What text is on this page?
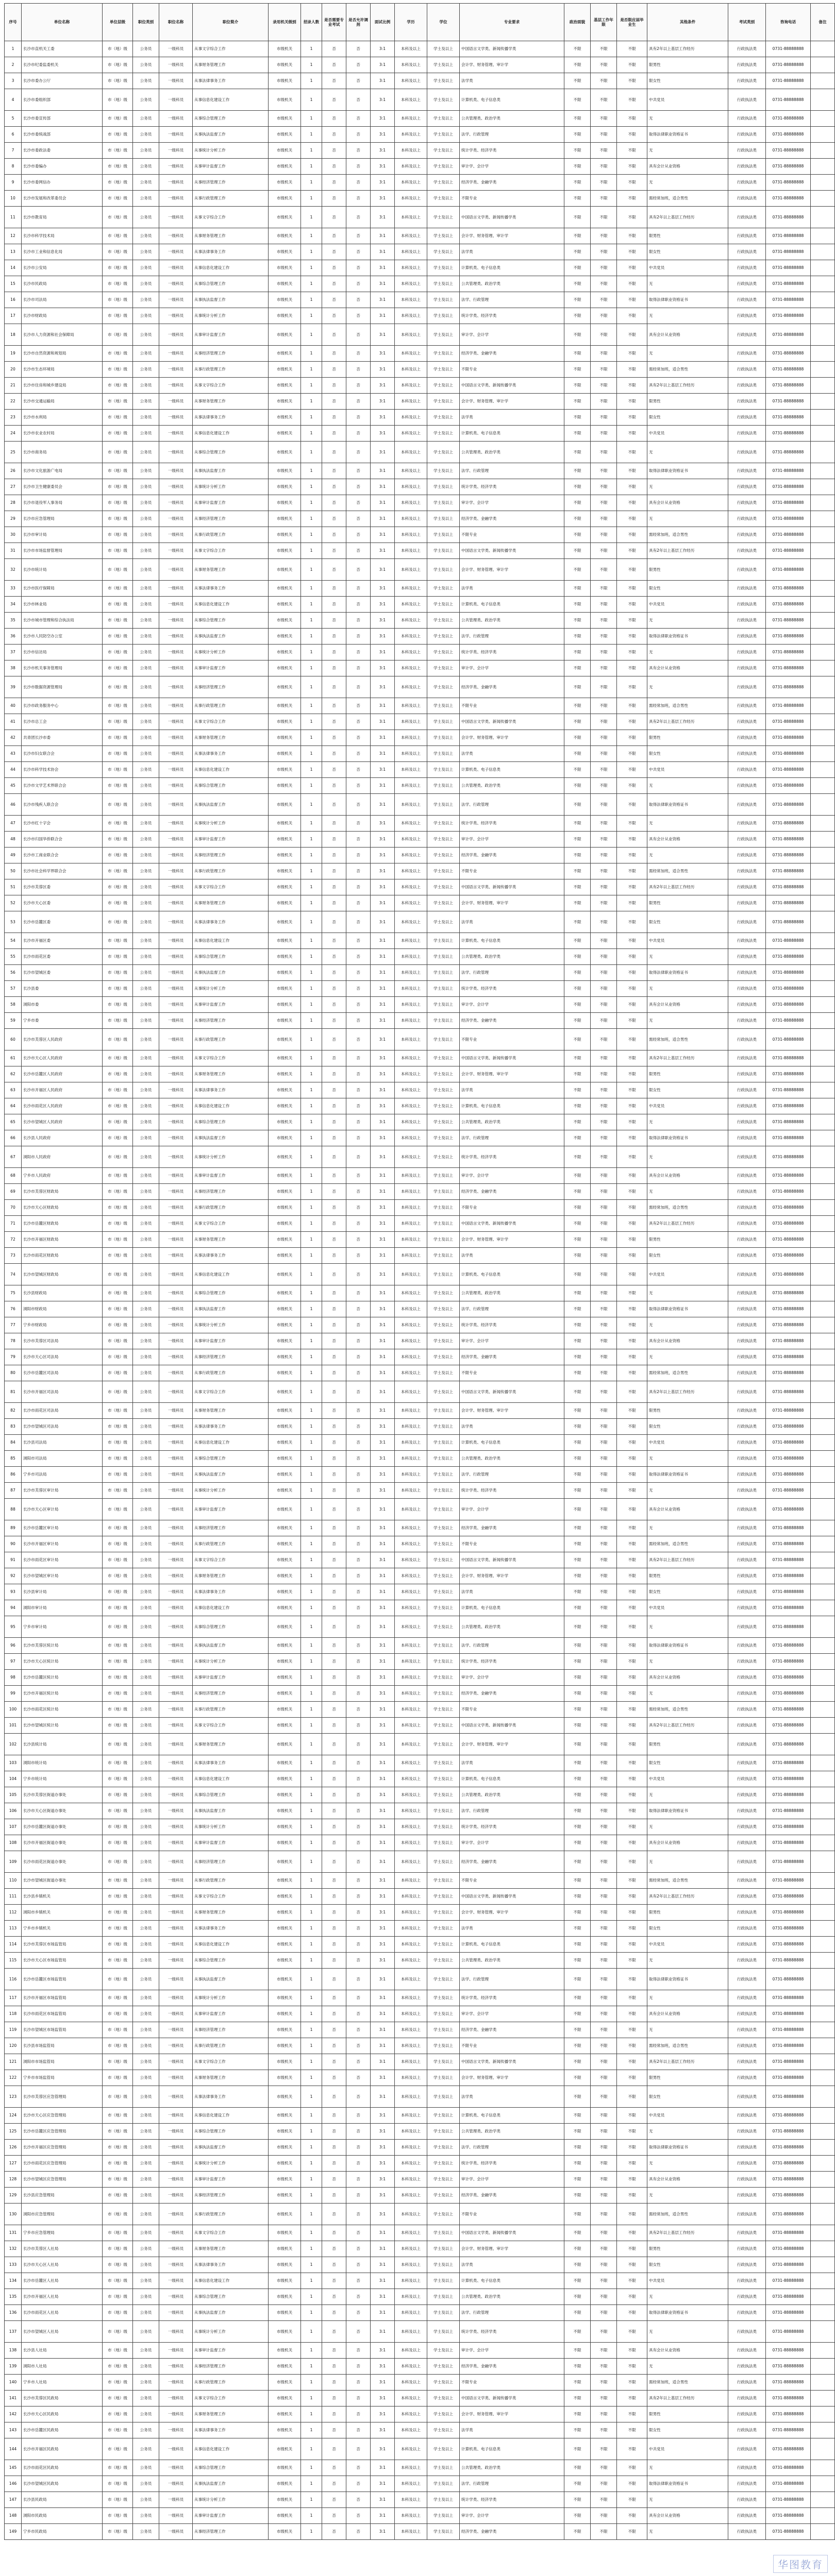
序号	单位名称	单位层级	职位类别	职位名称	职位简介	录用机关级别	招录人数	是否需要专业考试	是否允许调剂	面试比例	学历	学位	专业要求	政治面貌	基层工作年限	是否限应届毕业生	其他条件	考试类别	咨询电话	备注
1	长沙市直机关工委	市（地）级	公务员	一级科员	从事文字综合工作	市级机关	1	否	否	3:1	本科及以上	学士及以上	中国语言文学类、新闻传播学类	不限	不限	不限	具有2年以上基层工作经历	行政执法类	0731-88888888	
2	长沙市纪委监委机关	市（地）级	公务员	一级科员	从事财务管理工作	市级机关	1	否	否	3:1	本科及以上	学士及以上	会计学、财务管理、审计学	不限	不限	不限	限男性	行政执法类	0731-88888888	
3	长沙市委办公厅	市（地）级	公务员	一级科员	从事法律事务工作	市级机关	1	否	否	3:1	本科及以上	学士及以上	法学类	不限	不限	不限	限女性	行政执法类	0731-88888888	
4	长沙市委组织部	市（地）级	公务员	一级科员	从事信息化建设工作	市级机关	1	否	否	3:1	本科及以上	学士及以上	计算机类、电子信息类	不限	不限	不限	中共党员	行政执法类	0731-88888888	
5	长沙市委宣传部	市（地）级	公务员	一级科员	从事综合管理工作	市级机关	1	否	否	3:1	本科及以上	学士及以上	公共管理类、政治学类	不限	不限	不限	无	行政执法类	0731-88888888	
6	长沙市委统战部	市（地）级	公务员	一级科员	从事执法监督工作	市级机关	1	否	否	3:1	本科及以上	学士及以上	法学、行政管理	不限	不限	不限	取得法律职业资格证书	行政执法类	0731-88888888	
7	长沙市委政法委	市（地）级	公务员	一级科员	从事统计分析工作	市级机关	1	否	否	3:1	本科及以上	学士及以上	统计学类、经济学类	不限	不限	不限	无	行政执法类	0731-88888888	
8	长沙市委编办	市（地）级	公务员	一级科员	从事审计监督工作	市级机关	1	否	否	3:1	本科及以上	学士及以上	审计学、会计学	不限	不限	不限	具有会计从业资格	行政执法类	0731-88888888	
9	长沙市委网信办	市（地）级	公务员	一级科员	从事经济管理工作	市级机关	1	否	否	3:1	本科及以上	学士及以上	经济学类、金融学类	不限	不限	不限	无	行政执法类	0731-88888888	
10	长沙市发展和改革委员会	市（地）级	公务员	一级科员	从事行政管理工作	市级机关	1	否	否	3:1	本科及以上	学士及以上	不限专业	不限	不限	不限	需经常加班，适合男性	行政执法类	0731-88888888	
11	长沙市教育局	市（地）级	公务员	一级科员	从事文字综合工作	市级机关	1	否	否	3:1	本科及以上	学士及以上	中国语言文学类、新闻传播学类	不限	不限	不限	具有2年以上基层工作经历	行政执法类	0731-88888888	
12	长沙市科学技术局	市（地）级	公务员	一级科员	从事财务管理工作	市级机关	1	否	否	3:1	本科及以上	学士及以上	会计学、财务管理、审计学	不限	不限	不限	限男性	行政执法类	0731-88888888	
13	长沙市工业和信息化局	市（地）级	公务员	一级科员	从事法律事务工作	市级机关	1	否	否	3:1	本科及以上	学士及以上	法学类	不限	不限	不限	限女性	行政执法类	0731-88888888	
14	长沙市公安局	市（地）级	公务员	一级科员	从事信息化建设工作	市级机关	1	否	否	3:1	本科及以上	学士及以上	计算机类、电子信息类	不限	不限	不限	中共党员	行政执法类	0731-88888888	
15	长沙市民政局	市（地）级	公务员	一级科员	从事综合管理工作	市级机关	1	否	否	3:1	本科及以上	学士及以上	公共管理类、政治学类	不限	不限	不限	无	行政执法类	0731-88888888	
16	长沙市司法局	市（地）级	公务员	一级科员	从事执法监督工作	市级机关	1	否	否	3:1	本科及以上	学士及以上	法学、行政管理	不限	不限	不限	取得法律职业资格证书	行政执法类	0731-88888888	
17	长沙市财政局	市（地）级	公务员	一级科员	从事统计分析工作	市级机关	1	否	否	3:1	本科及以上	学士及以上	统计学类、经济学类	不限	不限	不限	无	行政执法类	0731-88888888	
18	长沙市人力资源和社会保障局	市（地）级	公务员	一级科员	从事审计监督工作	市级机关	1	否	否	3:1	本科及以上	学士及以上	审计学、会计学	不限	不限	不限	具有会计从业资格	行政执法类	0731-88888888	
19	长沙市自然资源和规划局	市（地）级	公务员	一级科员	从事经济管理工作	市级机关	1	否	否	3:1	本科及以上	学士及以上	经济学类、金融学类	不限	不限	不限	无	行政执法类	0731-88888888	
20	长沙市生态环境局	市（地）级	公务员	一级科员	从事行政管理工作	市级机关	1	否	否	3:1	本科及以上	学士及以上	不限专业	不限	不限	不限	需经常加班，适合男性	行政执法类	0731-88888888	
21	长沙市住房和城乡建设局	市（地）级	公务员	一级科员	从事文字综合工作	市级机关	1	否	否	3:1	本科及以上	学士及以上	中国语言文学类、新闻传播学类	不限	不限	不限	具有2年以上基层工作经历	行政执法类	0731-88888888	
22	长沙市交通运输局	市（地）级	公务员	一级科员	从事财务管理工作	市级机关	1	否	否	3:1	本科及以上	学士及以上	会计学、财务管理、审计学	不限	不限	不限	限男性	行政执法类	0731-88888888	
23	长沙市水利局	市（地）级	公务员	一级科员	从事法律事务工作	市级机关	1	否	否	3:1	本科及以上	学士及以上	法学类	不限	不限	不限	限女性	行政执法类	0731-88888888	
24	长沙市农业农村局	市（地）级	公务员	一级科员	从事信息化建设工作	市级机关	1	否	否	3:1	本科及以上	学士及以上	计算机类、电子信息类	不限	不限	不限	中共党员	行政执法类	0731-88888888	
25	长沙市商务局	市（地）级	公务员	一级科员	从事综合管理工作	市级机关	1	否	否	3:1	本科及以上	学士及以上	公共管理类、政治学类	不限	不限	不限	无	行政执法类	0731-88888888	
26	长沙市文化旅游广电局	市（地）级	公务员	一级科员	从事执法监督工作	市级机关	1	否	否	3:1	本科及以上	学士及以上	法学、行政管理	不限	不限	不限	取得法律职业资格证书	行政执法类	0731-88888888	
27	长沙市卫生健康委员会	市（地）级	公务员	一级科员	从事统计分析工作	市级机关	1	否	否	3:1	本科及以上	学士及以上	统计学类、经济学类	不限	不限	不限	无	行政执法类	0731-88888888	
28	长沙市退役军人事务局	市（地）级	公务员	一级科员	从事审计监督工作	市级机关	1	否	否	3:1	本科及以上	学士及以上	审计学、会计学	不限	不限	不限	具有会计从业资格	行政执法类	0731-88888888	
29	长沙市应急管理局	市（地）级	公务员	一级科员	从事经济管理工作	市级机关	1	否	否	3:1	本科及以上	学士及以上	经济学类、金融学类	不限	不限	不限	无	行政执法类	0731-88888888	
30	长沙市审计局	市（地）级	公务员	一级科员	从事行政管理工作	市级机关	1	否	否	3:1	本科及以上	学士及以上	不限专业	不限	不限	不限	需经常加班，适合男性	行政执法类	0731-88888888	
31	长沙市市场监督管理局	市（地）级	公务员	一级科员	从事文字综合工作	市级机关	1	否	否	3:1	本科及以上	学士及以上	中国语言文学类、新闻传播学类	不限	不限	不限	具有2年以上基层工作经历	行政执法类	0731-88888888	
32	长沙市统计局	市（地）级	公务员	一级科员	从事财务管理工作	市级机关	1	否	否	3:1	本科及以上	学士及以上	会计学、财务管理、审计学	不限	不限	不限	限男性	行政执法类	0731-88888888	
33	长沙市医疗保障局	市（地）级	公务员	一级科员	从事法律事务工作	市级机关	1	否	否	3:1	本科及以上	学士及以上	法学类	不限	不限	不限	限女性	行政执法类	0731-88888888	
34	长沙市林业局	市（地）级	公务员	一级科员	从事信息化建设工作	市级机关	1	否	否	3:1	本科及以上	学士及以上	计算机类、电子信息类	不限	不限	不限	中共党员	行政执法类	0731-88888888	
35	长沙市城市管理和综合执法局	市（地）级	公务员	一级科员	从事综合管理工作	市级机关	1	否	否	3:1	本科及以上	学士及以上	公共管理类、政治学类	不限	不限	不限	无	行政执法类	0731-88888888	
36	长沙市人民防空办公室	市（地）级	公务员	一级科员	从事执法监督工作	市级机关	1	否	否	3:1	本科及以上	学士及以上	法学、行政管理	不限	不限	不限	取得法律职业资格证书	行政执法类	0731-88888888	
37	长沙市信访局	市（地）级	公务员	一级科员	从事统计分析工作	市级机关	1	否	否	3:1	本科及以上	学士及以上	统计学类、经济学类	不限	不限	不限	无	行政执法类	0731-88888888	
38	长沙市机关事务管理局	市（地）级	公务员	一级科员	从事审计监督工作	市级机关	1	否	否	3:1	本科及以上	学士及以上	审计学、会计学	不限	不限	不限	具有会计从业资格	行政执法类	0731-88888888	
39	长沙市数据资源管理局	市（地）级	公务员	一级科员	从事经济管理工作	市级机关	1	否	否	3:1	本科及以上	学士及以上	经济学类、金融学类	不限	不限	不限	无	行政执法类	0731-88888888	
40	长沙市政务服务中心	市（地）级	公务员	一级科员	从事行政管理工作	市级机关	1	否	否	3:1	本科及以上	学士及以上	不限专业	不限	不限	不限	需经常加班，适合男性	行政执法类	0731-88888888	
41	长沙市总工会	市（地）级	公务员	一级科员	从事文字综合工作	市级机关	1	否	否	3:1	本科及以上	学士及以上	中国语言文学类、新闻传播学类	不限	不限	不限	具有2年以上基层工作经历	行政执法类	0731-88888888	
42	共青团长沙市委	市（地）级	公务员	一级科员	从事财务管理工作	市级机关	1	否	否	3:1	本科及以上	学士及以上	会计学、财务管理、审计学	不限	不限	不限	限男性	行政执法类	0731-88888888	
43	长沙市妇女联合会	市（地）级	公务员	一级科员	从事法律事务工作	市级机关	1	否	否	3:1	本科及以上	学士及以上	法学类	不限	不限	不限	限女性	行政执法类	0731-88888888	
44	长沙市科学技术协会	市（地）级	公务员	一级科员	从事信息化建设工作	市级机关	1	否	否	3:1	本科及以上	学士及以上	计算机类、电子信息类	不限	不限	不限	中共党员	行政执法类	0731-88888888	
45	长沙市文学艺术界联合会	市（地）级	公务员	一级科员	从事综合管理工作	市级机关	1	否	否	3:1	本科及以上	学士及以上	公共管理类、政治学类	不限	不限	不限	无	行政执法类	0731-88888888	
46	长沙市残疾人联合会	市（地）级	公务员	一级科员	从事执法监督工作	市级机关	1	否	否	3:1	本科及以上	学士及以上	法学、行政管理	不限	不限	不限	取得法律职业资格证书	行政执法类	0731-88888888	
47	长沙市红十字会	市（地）级	公务员	一级科员	从事统计分析工作	市级机关	1	否	否	3:1	本科及以上	学士及以上	统计学类、经济学类	不限	不限	不限	无	行政执法类	0731-88888888	
48	长沙市归国华侨联合会	市（地）级	公务员	一级科员	从事审计监督工作	市级机关	1	否	否	3:1	本科及以上	学士及以上	审计学、会计学	不限	不限	不限	具有会计从业资格	行政执法类	0731-88888888	
49	长沙市工商业联合会	市（地）级	公务员	一级科员	从事经济管理工作	市级机关	1	否	否	3:1	本科及以上	学士及以上	经济学类、金融学类	不限	不限	不限	无	行政执法类	0731-88888888	
50	长沙市社会科学界联合会	市（地）级	公务员	一级科员	从事行政管理工作	市级机关	1	否	否	3:1	本科及以上	学士及以上	不限专业	不限	不限	不限	需经常加班，适合男性	行政执法类	0731-88888888	
51	长沙市芙蓉区委	市（地）级	公务员	一级科员	从事文字综合工作	市级机关	1	否	否	3:1	本科及以上	学士及以上	中国语言文学类、新闻传播学类	不限	不限	不限	具有2年以上基层工作经历	行政执法类	0731-88888888	
52	长沙市天心区委	市（地）级	公务员	一级科员	从事财务管理工作	市级机关	1	否	否	3:1	本科及以上	学士及以上	会计学、财务管理、审计学	不限	不限	不限	限男性	行政执法类	0731-88888888	
53	长沙市岳麓区委	市（地）级	公务员	一级科员	从事法律事务工作	市级机关	1	否	否	3:1	本科及以上	学士及以上	法学类	不限	不限	不限	限女性	行政执法类	0731-88888888	
54	长沙市开福区委	市（地）级	公务员	一级科员	从事信息化建设工作	市级机关	1	否	否	3:1	本科及以上	学士及以上	计算机类、电子信息类	不限	不限	不限	中共党员	行政执法类	0731-88888888	
55	长沙市雨花区委	市（地）级	公务员	一级科员	从事综合管理工作	市级机关	1	否	否	3:1	本科及以上	学士及以上	公共管理类、政治学类	不限	不限	不限	无	行政执法类	0731-88888888	
56	长沙市望城区委	市（地）级	公务员	一级科员	从事执法监督工作	市级机关	1	否	否	3:1	本科及以上	学士及以上	法学、行政管理	不限	不限	不限	取得法律职业资格证书	行政执法类	0731-88888888	
57	长沙县委	市（地）级	公务员	一级科员	从事统计分析工作	市级机关	1	否	否	3:1	本科及以上	学士及以上	统计学类、经济学类	不限	不限	不限	无	行政执法类	0731-88888888	
58	浏阳市委	市（地）级	公务员	一级科员	从事审计监督工作	市级机关	1	否	否	3:1	本科及以上	学士及以上	审计学、会计学	不限	不限	不限	具有会计从业资格	行政执法类	0731-88888888	
59	宁乡市委	市（地）级	公务员	一级科员	从事经济管理工作	市级机关	1	否	否	3:1	本科及以上	学士及以上	经济学类、金融学类	不限	不限	不限	无	行政执法类	0731-88888888	
60	长沙市芙蓉区人民政府	市（地）级	公务员	一级科员	从事行政管理工作	市级机关	1	否	否	3:1	本科及以上	学士及以上	不限专业	不限	不限	不限	需经常加班，适合男性	行政执法类	0731-88888888	
61	长沙市天心区人民政府	市（地）级	公务员	一级科员	从事文字综合工作	市级机关	1	否	否	3:1	本科及以上	学士及以上	中国语言文学类、新闻传播学类	不限	不限	不限	具有2年以上基层工作经历	行政执法类	0731-88888888	
62	长沙市岳麓区人民政府	市（地）级	公务员	一级科员	从事财务管理工作	市级机关	1	否	否	3:1	本科及以上	学士及以上	会计学、财务管理、审计学	不限	不限	不限	限男性	行政执法类	0731-88888888	
63	长沙市开福区人民政府	市（地）级	公务员	一级科员	从事法律事务工作	市级机关	1	否	否	3:1	本科及以上	学士及以上	法学类	不限	不限	不限	限女性	行政执法类	0731-88888888	
64	长沙市雨花区人民政府	市（地）级	公务员	一级科员	从事信息化建设工作	市级机关	1	否	否	3:1	本科及以上	学士及以上	计算机类、电子信息类	不限	不限	不限	中共党员	行政执法类	0731-88888888	
65	长沙市望城区人民政府	市（地）级	公务员	一级科员	从事综合管理工作	市级机关	1	否	否	3:1	本科及以上	学士及以上	公共管理类、政治学类	不限	不限	不限	无	行政执法类	0731-88888888	
66	长沙县人民政府	市（地）级	公务员	一级科员	从事执法监督工作	市级机关	1	否	否	3:1	本科及以上	学士及以上	法学、行政管理	不限	不限	不限	取得法律职业资格证书	行政执法类	0731-88888888	
67	浏阳市人民政府	市（地）级	公务员	一级科员	从事统计分析工作	市级机关	1	否	否	3:1	本科及以上	学士及以上	统计学类、经济学类	不限	不限	不限	无	行政执法类	0731-88888888	
68	宁乡市人民政府	市（地）级	公务员	一级科员	从事审计监督工作	市级机关	1	否	否	3:1	本科及以上	学士及以上	审计学、会计学	不限	不限	不限	具有会计从业资格	行政执法类	0731-88888888	
69	长沙市芙蓉区财政局	市（地）级	公务员	一级科员	从事经济管理工作	市级机关	1	否	否	3:1	本科及以上	学士及以上	经济学类、金融学类	不限	不限	不限	无	行政执法类	0731-88888888	
70	长沙市天心区财政局	市（地）级	公务员	一级科员	从事行政管理工作	市级机关	1	否	否	3:1	本科及以上	学士及以上	不限专业	不限	不限	不限	需经常加班，适合男性	行政执法类	0731-88888888	
71	长沙市岳麓区财政局	市（地）级	公务员	一级科员	从事文字综合工作	市级机关	1	否	否	3:1	本科及以上	学士及以上	中国语言文学类、新闻传播学类	不限	不限	不限	具有2年以上基层工作经历	行政执法类	0731-88888888	
72	长沙市开福区财政局	市（地）级	公务员	一级科员	从事财务管理工作	市级机关	1	否	否	3:1	本科及以上	学士及以上	会计学、财务管理、审计学	不限	不限	不限	限男性	行政执法类	0731-88888888	
73	长沙市雨花区财政局	市（地）级	公务员	一级科员	从事法律事务工作	市级机关	1	否	否	3:1	本科及以上	学士及以上	法学类	不限	不限	不限	限女性	行政执法类	0731-88888888	
74	长沙市望城区财政局	市（地）级	公务员	一级科员	从事信息化建设工作	市级机关	1	否	否	3:1	本科及以上	学士及以上	计算机类、电子信息类	不限	不限	不限	中共党员	行政执法类	0731-88888888	
75	长沙县财政局	市（地）级	公务员	一级科员	从事综合管理工作	市级机关	1	否	否	3:1	本科及以上	学士及以上	公共管理类、政治学类	不限	不限	不限	无	行政执法类	0731-88888888	
76	浏阳市财政局	市（地）级	公务员	一级科员	从事执法监督工作	市级机关	1	否	否	3:1	本科及以上	学士及以上	法学、行政管理	不限	不限	不限	取得法律职业资格证书	行政执法类	0731-88888888	
77	宁乡市财政局	市（地）级	公务员	一级科员	从事统计分析工作	市级机关	1	否	否	3:1	本科及以上	学士及以上	统计学类、经济学类	不限	不限	不限	无	行政执法类	0731-88888888	
78	长沙市芙蓉区司法局	市（地）级	公务员	一级科员	从事审计监督工作	市级机关	1	否	否	3:1	本科及以上	学士及以上	审计学、会计学	不限	不限	不限	具有会计从业资格	行政执法类	0731-88888888	
79	长沙市天心区司法局	市（地）级	公务员	一级科员	从事经济管理工作	市级机关	1	否	否	3:1	本科及以上	学士及以上	经济学类、金融学类	不限	不限	不限	无	行政执法类	0731-88888888	
80	长沙市岳麓区司法局	市（地）级	公务员	一级科员	从事行政管理工作	市级机关	1	否	否	3:1	本科及以上	学士及以上	不限专业	不限	不限	不限	需经常加班，适合男性	行政执法类	0731-88888888	
81	长沙市开福区司法局	市（地）级	公务员	一级科员	从事文字综合工作	市级机关	1	否	否	3:1	本科及以上	学士及以上	中国语言文学类、新闻传播学类	不限	不限	不限	具有2年以上基层工作经历	行政执法类	0731-88888888	
82	长沙市雨花区司法局	市（地）级	公务员	一级科员	从事财务管理工作	市级机关	1	否	否	3:1	本科及以上	学士及以上	会计学、财务管理、审计学	不限	不限	不限	限男性	行政执法类	0731-88888888	
83	长沙市望城区司法局	市（地）级	公务员	一级科员	从事法律事务工作	市级机关	1	否	否	3:1	本科及以上	学士及以上	法学类	不限	不限	不限	限女性	行政执法类	0731-88888888	
84	长沙县司法局	市（地）级	公务员	一级科员	从事信息化建设工作	市级机关	1	否	否	3:1	本科及以上	学士及以上	计算机类、电子信息类	不限	不限	不限	中共党员	行政执法类	0731-88888888	
85	浏阳市司法局	市（地）级	公务员	一级科员	从事综合管理工作	市级机关	1	否	否	3:1	本科及以上	学士及以上	公共管理类、政治学类	不限	不限	不限	无	行政执法类	0731-88888888	
86	宁乡市司法局	市（地）级	公务员	一级科员	从事执法监督工作	市级机关	1	否	否	3:1	本科及以上	学士及以上	法学、行政管理	不限	不限	不限	取得法律职业资格证书	行政执法类	0731-88888888	
87	长沙市芙蓉区审计局	市（地）级	公务员	一级科员	从事统计分析工作	市级机关	1	否	否	3:1	本科及以上	学士及以上	统计学类、经济学类	不限	不限	不限	无	行政执法类	0731-88888888	
88	长沙市天心区审计局	市（地）级	公务员	一级科员	从事审计监督工作	市级机关	1	否	否	3:1	本科及以上	学士及以上	审计学、会计学	不限	不限	不限	具有会计从业资格	行政执法类	0731-88888888	
89	长沙市岳麓区审计局	市（地）级	公务员	一级科员	从事经济管理工作	市级机关	1	否	否	3:1	本科及以上	学士及以上	经济学类、金融学类	不限	不限	不限	无	行政执法类	0731-88888888	
90	长沙市开福区审计局	市（地）级	公务员	一级科员	从事行政管理工作	市级机关	1	否	否	3:1	本科及以上	学士及以上	不限专业	不限	不限	不限	需经常加班，适合男性	行政执法类	0731-88888888	
91	长沙市雨花区审计局	市（地）级	公务员	一级科员	从事文字综合工作	市级机关	1	否	否	3:1	本科及以上	学士及以上	中国语言文学类、新闻传播学类	不限	不限	不限	具有2年以上基层工作经历	行政执法类	0731-88888888	
92	长沙市望城区审计局	市（地）级	公务员	一级科员	从事财务管理工作	市级机关	1	否	否	3:1	本科及以上	学士及以上	会计学、财务管理、审计学	不限	不限	不限	限男性	行政执法类	0731-88888888	
93	长沙县审计局	市（地）级	公务员	一级科员	从事法律事务工作	市级机关	1	否	否	3:1	本科及以上	学士及以上	法学类	不限	不限	不限	限女性	行政执法类	0731-88888888	
94	浏阳市审计局	市（地）级	公务员	一级科员	从事信息化建设工作	市级机关	1	否	否	3:1	本科及以上	学士及以上	计算机类、电子信息类	不限	不限	不限	中共党员	行政执法类	0731-88888888	
95	宁乡市审计局	市（地）级	公务员	一级科员	从事综合管理工作	市级机关	1	否	否	3:1	本科及以上	学士及以上	公共管理类、政治学类	不限	不限	不限	无	行政执法类	0731-88888888	
96	长沙市芙蓉区统计局	市（地）级	公务员	一级科员	从事执法监督工作	市级机关	1	否	否	3:1	本科及以上	学士及以上	法学、行政管理	不限	不限	不限	取得法律职业资格证书	行政执法类	0731-88888888	
97	长沙市天心区统计局	市（地）级	公务员	一级科员	从事统计分析工作	市级机关	1	否	否	3:1	本科及以上	学士及以上	统计学类、经济学类	不限	不限	不限	无	行政执法类	0731-88888888	
98	长沙市岳麓区统计局	市（地）级	公务员	一级科员	从事审计监督工作	市级机关	1	否	否	3:1	本科及以上	学士及以上	审计学、会计学	不限	不限	不限	具有会计从业资格	行政执法类	0731-88888888	
99	长沙市开福区统计局	市（地）级	公务员	一级科员	从事经济管理工作	市级机关	1	否	否	3:1	本科及以上	学士及以上	经济学类、金融学类	不限	不限	不限	无	行政执法类	0731-88888888	
100	长沙市雨花区统计局	市（地）级	公务员	一级科员	从事行政管理工作	市级机关	1	否	否	3:1	本科及以上	学士及以上	不限专业	不限	不限	不限	需经常加班，适合男性	行政执法类	0731-88888888	
101	长沙市望城区统计局	市（地）级	公务员	一级科员	从事文字综合工作	市级机关	1	否	否	3:1	本科及以上	学士及以上	中国语言文学类、新闻传播学类	不限	不限	不限	具有2年以上基层工作经历	行政执法类	0731-88888888	
102	长沙县统计局	市（地）级	公务员	一级科员	从事财务管理工作	市级机关	1	否	否	3:1	本科及以上	学士及以上	会计学、财务管理、审计学	不限	不限	不限	限男性	行政执法类	0731-88888888	
103	浏阳市统计局	市（地）级	公务员	一级科员	从事法律事务工作	市级机关	1	否	否	3:1	本科及以上	学士及以上	法学类	不限	不限	不限	限女性	行政执法类	0731-88888888	
104	宁乡市统计局	市（地）级	公务员	一级科员	从事信息化建设工作	市级机关	1	否	否	3:1	本科及以上	学士及以上	计算机类、电子信息类	不限	不限	不限	中共党员	行政执法类	0731-88888888	
105	长沙市芙蓉区街道办事处	市（地）级	公务员	一级科员	从事综合管理工作	市级机关	1	否	否	3:1	本科及以上	学士及以上	公共管理类、政治学类	不限	不限	不限	无	行政执法类	0731-88888888	
106	长沙市天心区街道办事处	市（地）级	公务员	一级科员	从事执法监督工作	市级机关	1	否	否	3:1	本科及以上	学士及以上	法学、行政管理	不限	不限	不限	取得法律职业资格证书	行政执法类	0731-88888888	
107	长沙市岳麓区街道办事处	市（地）级	公务员	一级科员	从事统计分析工作	市级机关	1	否	否	3:1	本科及以上	学士及以上	统计学类、经济学类	不限	不限	不限	无	行政执法类	0731-88888888	
108	长沙市开福区街道办事处	市（地）级	公务员	一级科员	从事审计监督工作	市级机关	1	否	否	3:1	本科及以上	学士及以上	审计学、会计学	不限	不限	不限	具有会计从业资格	行政执法类	0731-88888888	
109	长沙市雨花区街道办事处	市（地）级	公务员	一级科员	从事经济管理工作	市级机关	1	否	否	3:1	本科及以上	学士及以上	经济学类、金融学类	不限	不限	不限	无	行政执法类	0731-88888888	
110	长沙市望城区街道办事处	市（地）级	公务员	一级科员	从事行政管理工作	市级机关	1	否	否	3:1	本科及以上	学士及以上	不限专业	不限	不限	不限	需经常加班，适合男性	行政执法类	0731-88888888	
111	长沙县乡镇机关	市（地）级	公务员	一级科员	从事文字综合工作	市级机关	1	否	否	3:1	本科及以上	学士及以上	中国语言文学类、新闻传播学类	不限	不限	不限	具有2年以上基层工作经历	行政执法类	0731-88888888	
112	浏阳市乡镇机关	市（地）级	公务员	一级科员	从事财务管理工作	市级机关	1	否	否	3:1	本科及以上	学士及以上	会计学、财务管理、审计学	不限	不限	不限	限男性	行政执法类	0731-88888888	
113	宁乡市乡镇机关	市（地）级	公务员	一级科员	从事法律事务工作	市级机关	1	否	否	3:1	本科及以上	学士及以上	法学类	不限	不限	不限	限女性	行政执法类	0731-88888888	
114	长沙市芙蓉区市场监管局	市（地）级	公务员	一级科员	从事信息化建设工作	市级机关	1	否	否	3:1	本科及以上	学士及以上	计算机类、电子信息类	不限	不限	不限	中共党员	行政执法类	0731-88888888	
115	长沙市天心区市场监管局	市（地）级	公务员	一级科员	从事综合管理工作	市级机关	1	否	否	3:1	本科及以上	学士及以上	公共管理类、政治学类	不限	不限	不限	无	行政执法类	0731-88888888	
116	长沙市岳麓区市场监管局	市（地）级	公务员	一级科员	从事执法监督工作	市级机关	1	否	否	3:1	本科及以上	学士及以上	法学、行政管理	不限	不限	不限	取得法律职业资格证书	行政执法类	0731-88888888	
117	长沙市开福区市场监管局	市（地）级	公务员	一级科员	从事统计分析工作	市级机关	1	否	否	3:1	本科及以上	学士及以上	统计学类、经济学类	不限	不限	不限	无	行政执法类	0731-88888888	
118	长沙市雨花区市场监管局	市（地）级	公务员	一级科员	从事审计监督工作	市级机关	1	否	否	3:1	本科及以上	学士及以上	审计学、会计学	不限	不限	不限	具有会计从业资格	行政执法类	0731-88888888	
119	长沙市望城区市场监管局	市（地）级	公务员	一级科员	从事经济管理工作	市级机关	1	否	否	3:1	本科及以上	学士及以上	经济学类、金融学类	不限	不限	不限	无	行政执法类	0731-88888888	
120	长沙县市场监管局	市（地）级	公务员	一级科员	从事行政管理工作	市级机关	1	否	否	3:1	本科及以上	学士及以上	不限专业	不限	不限	不限	需经常加班，适合男性	行政执法类	0731-88888888	
121	浏阳市市场监管局	市（地）级	公务员	一级科员	从事文字综合工作	市级机关	1	否	否	3:1	本科及以上	学士及以上	中国语言文学类、新闻传播学类	不限	不限	不限	具有2年以上基层工作经历	行政执法类	0731-88888888	
122	宁乡市市场监管局	市（地）级	公务员	一级科员	从事财务管理工作	市级机关	1	否	否	3:1	本科及以上	学士及以上	会计学、财务管理、审计学	不限	不限	不限	限男性	行政执法类	0731-88888888	
123	长沙市芙蓉区应急管理局	市（地）级	公务员	一级科员	从事法律事务工作	市级机关	1	否	否	3:1	本科及以上	学士及以上	法学类	不限	不限	不限	限女性	行政执法类	0731-88888888	
124	长沙市天心区应急管理局	市（地）级	公务员	一级科员	从事信息化建设工作	市级机关	1	否	否	3:1	本科及以上	学士及以上	计算机类、电子信息类	不限	不限	不限	中共党员	行政执法类	0731-88888888	
125	长沙市岳麓区应急管理局	市（地）级	公务员	一级科员	从事综合管理工作	市级机关	1	否	否	3:1	本科及以上	学士及以上	公共管理类、政治学类	不限	不限	不限	无	行政执法类	0731-88888888	
126	长沙市开福区应急管理局	市（地）级	公务员	一级科员	从事执法监督工作	市级机关	1	否	否	3:1	本科及以上	学士及以上	法学、行政管理	不限	不限	不限	取得法律职业资格证书	行政执法类	0731-88888888	
127	长沙市雨花区应急管理局	市（地）级	公务员	一级科员	从事统计分析工作	市级机关	1	否	否	3:1	本科及以上	学士及以上	统计学类、经济学类	不限	不限	不限	无	行政执法类	0731-88888888	
128	长沙市望城区应急管理局	市（地）级	公务员	一级科员	从事审计监督工作	市级机关	1	否	否	3:1	本科及以上	学士及以上	审计学、会计学	不限	不限	不限	具有会计从业资格	行政执法类	0731-88888888	
129	长沙县应急管理局	市（地）级	公务员	一级科员	从事经济管理工作	市级机关	1	否	否	3:1	本科及以上	学士及以上	经济学类、金融学类	不限	不限	不限	无	行政执法类	0731-88888888	
130	浏阳市应急管理局	市（地）级	公务员	一级科员	从事行政管理工作	市级机关	1	否	否	3:1	本科及以上	学士及以上	不限专业	不限	不限	不限	需经常加班，适合男性	行政执法类	0731-88888888	
131	宁乡市应急管理局	市（地）级	公务员	一级科员	从事文字综合工作	市级机关	1	否	否	3:1	本科及以上	学士及以上	中国语言文学类、新闻传播学类	不限	不限	不限	具有2年以上基层工作经历	行政执法类	0731-88888888	
132	长沙市芙蓉区人社局	市（地）级	公务员	一级科员	从事财务管理工作	市级机关	1	否	否	3:1	本科及以上	学士及以上	会计学、财务管理、审计学	不限	不限	不限	限男性	行政执法类	0731-88888888	
133	长沙市天心区人社局	市（地）级	公务员	一级科员	从事法律事务工作	市级机关	1	否	否	3:1	本科及以上	学士及以上	法学类	不限	不限	不限	限女性	行政执法类	0731-88888888	
134	长沙市岳麓区人社局	市（地）级	公务员	一级科员	从事信息化建设工作	市级机关	1	否	否	3:1	本科及以上	学士及以上	计算机类、电子信息类	不限	不限	不限	中共党员	行政执法类	0731-88888888	
135	长沙市开福区人社局	市（地）级	公务员	一级科员	从事综合管理工作	市级机关	1	否	否	3:1	本科及以上	学士及以上	公共管理类、政治学类	不限	不限	不限	无	行政执法类	0731-88888888	
136	长沙市雨花区人社局	市（地）级	公务员	一级科员	从事执法监督工作	市级机关	1	否	否	3:1	本科及以上	学士及以上	法学、行政管理	不限	不限	不限	取得法律职业资格证书	行政执法类	0731-88888888	
137	长沙市望城区人社局	市（地）级	公务员	一级科员	从事统计分析工作	市级机关	1	否	否	3:1	本科及以上	学士及以上	统计学类、经济学类	不限	不限	不限	无	行政执法类	0731-88888888	
138	长沙县人社局	市（地）级	公务员	一级科员	从事审计监督工作	市级机关	1	否	否	3:1	本科及以上	学士及以上	审计学、会计学	不限	不限	不限	具有会计从业资格	行政执法类	0731-88888888	
139	浏阳市人社局	市（地）级	公务员	一级科员	从事经济管理工作	市级机关	1	否	否	3:1	本科及以上	学士及以上	经济学类、金融学类	不限	不限	不限	无	行政执法类	0731-88888888	
140	宁乡市人社局	市（地）级	公务员	一级科员	从事行政管理工作	市级机关	1	否	否	3:1	本科及以上	学士及以上	不限专业	不限	不限	不限	需经常加班，适合男性	行政执法类	0731-88888888	
141	长沙市芙蓉区民政局	市（地）级	公务员	一级科员	从事文字综合工作	市级机关	1	否	否	3:1	本科及以上	学士及以上	中国语言文学类、新闻传播学类	不限	不限	不限	具有2年以上基层工作经历	行政执法类	0731-88888888	
142	长沙市天心区民政局	市（地）级	公务员	一级科员	从事财务管理工作	市级机关	1	否	否	3:1	本科及以上	学士及以上	会计学、财务管理、审计学	不限	不限	不限	限男性	行政执法类	0731-88888888	
143	长沙市岳麓区民政局	市（地）级	公务员	一级科员	从事法律事务工作	市级机关	1	否	否	3:1	本科及以上	学士及以上	法学类	不限	不限	不限	限女性	行政执法类	0731-88888888	
144	长沙市开福区民政局	市（地）级	公务员	一级科员	从事信息化建设工作	市级机关	1	否	否	3:1	本科及以上	学士及以上	计算机类、电子信息类	不限	不限	不限	中共党员	行政执法类	0731-88888888	
145	长沙市雨花区民政局	市（地）级	公务员	一级科员	从事综合管理工作	市级机关	1	否	否	3:1	本科及以上	学士及以上	公共管理类、政治学类	不限	不限	不限	无	行政执法类	0731-88888888	
146	长沙市望城区民政局	市（地）级	公务员	一级科员	从事执法监督工作	市级机关	1	否	否	3:1	本科及以上	学士及以上	法学、行政管理	不限	不限	不限	取得法律职业资格证书	行政执法类	0731-88888888	
147	长沙县民政局	市（地）级	公务员	一级科员	从事统计分析工作	市级机关	1	否	否	3:1	本科及以上	学士及以上	统计学类、经济学类	不限	不限	不限	无	行政执法类	0731-88888888	
148	浏阳市民政局	市（地）级	公务员	一级科员	从事审计监督工作	市级机关	1	否	否	3:1	本科及以上	学士及以上	审计学、会计学	不限	不限	不限	具有会计从业资格	行政执法类	0731-88888888	
149	宁乡市民政局	市（地）级	公务员	一级科员	从事经济管理工作	市级机关	1	否	否	3:1	本科及以上	学士及以上	经济学类、金融学类	不限	不限	不限	无	行政执法类	0731-88888888	
华图教育
